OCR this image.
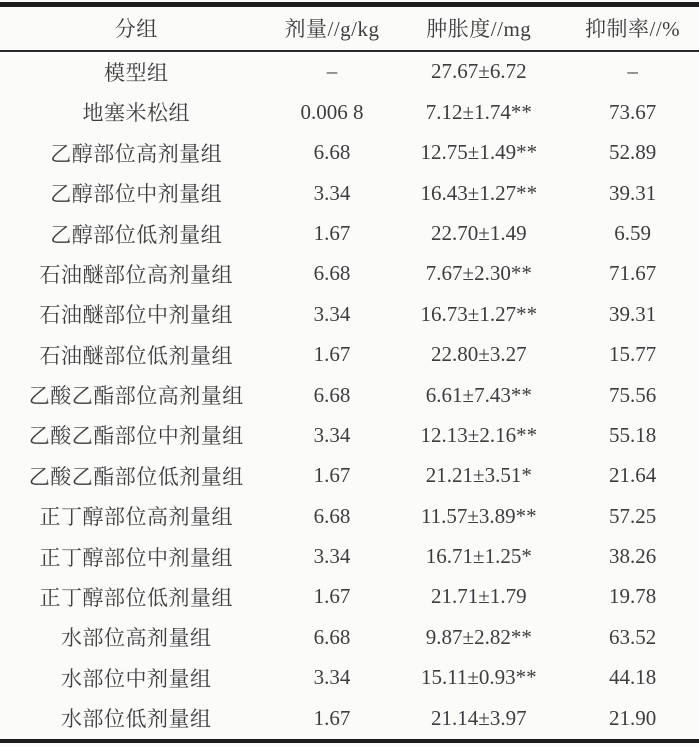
分组	剂量//g/kg	肿胀度//mg	抑制率//%
模型组	–	27.67±6.72	–
地塞米松组	0.006 8	7.12±1.74**	73.67
乙醇部位高剂量组	6.68	12.75±1.49**	52.89
乙醇部位中剂量组	3.34	16.43±1.27**	39.31
乙醇部位低剂量组	1.67	22.70±1.49	6.59
石油醚部位高剂量组	6.68	7.67±2.30**	71.67
石油醚部位中剂量组	3.34	16.73±1.27**	39.31
石油醚部位低剂量组	1.67	22.80±3.27	15.77
乙酸乙酯部位高剂量组	6.68	6.61±7.43**	75.56
乙酸乙酯部位中剂量组	3.34	12.13±2.16**	55.18
乙酸乙酯部位低剂量组	1.67	21.21±3.51*	21.64
正丁醇部位高剂量组	6.68	11.57±3.89**	57.25
正丁醇部位中剂量组	3.34	16.71±1.25*	38.26
正丁醇部位低剂量组	1.67	21.71±1.79	19.78
水部位高剂量组	6.68	9.87±2.82**	63.52
水部位中剂量组	3.34	15.11±0.93**	44.18
水部位低剂量组	1.67	21.14±3.97	21.90
